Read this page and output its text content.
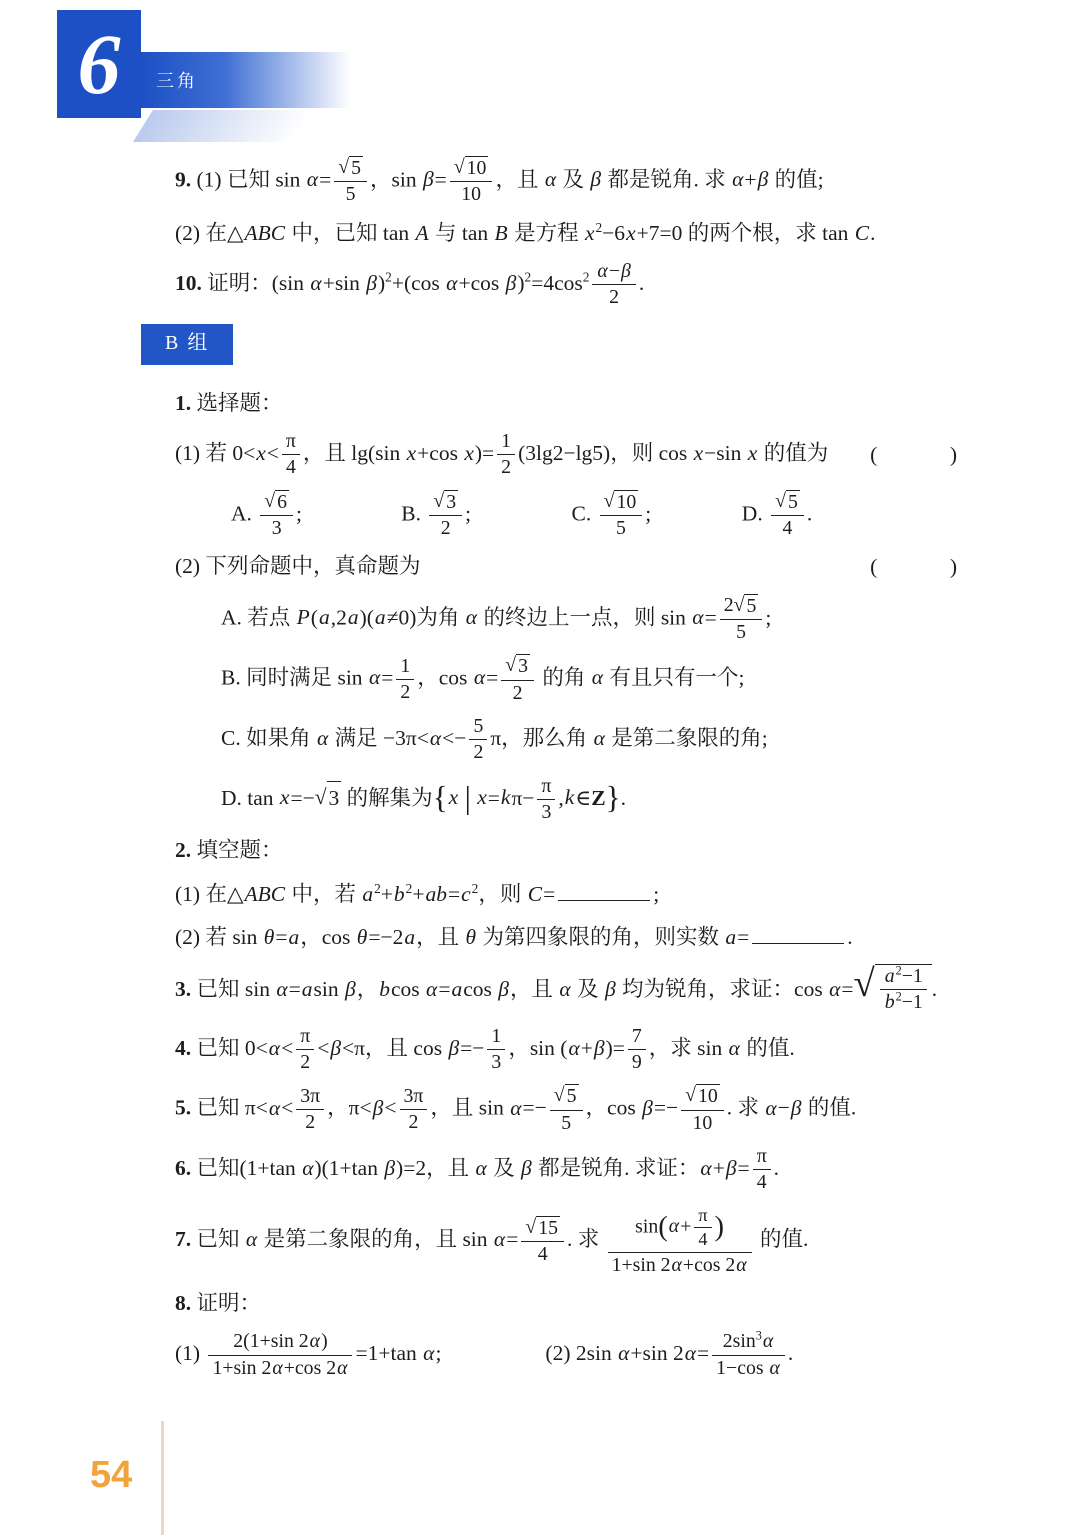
三角
6
9. (1) 已知 sin α= √ $\frac{5}{5}$ ，sin β= √ $\frac{10}{10}$ ，且 α 及 β 都是锐角. 求 α+β 的值;
(2) 在△ABC 中，已知 tan A 与 tan B 是方程 $x^2-6x+7=0$ 的两个根，求 tan C.
10. 证明：(sin α+sin β)$^2$+(cos α+cos $\beta)^2=4\cos^2 \frac{\alpha-\beta}{2}$ .
B 组
1. 选择题：
(1) 若 $0<x< \frac{\pi}{4}$ ，且 lg(sin x+cos $x)= \frac{1}{2} (3\lg 2-\lg 5)$，则 cos x−sin x 的值为 (　　　)
A. √ $\frac{6}{3}$ ;	B. √ $\frac{3}{2}$ ;	C. √ $\frac{10}{5}$ ;	D. √ $\frac{5}{4}$ .
(2) 下列命题中，真命题为	(　　　)
A. 若点 P(a,2a)(a≠0)为角 α 的终边上一点，则 $\sin \alpha= \frac{2 √ 5}{5}$ ;
B. 同时满足 $\sin \alpha= \frac{1}{2}$ ，cos α= √ $\frac{3}{2}$ 的角 α 有且只有一个;
C. 如果角 α 满足 $-3\pi<\alpha<- \frac{5}{2}$ π，那么角 α 是第二象限的角;
D. tan x=− √ 3 的解集为{x | $x=k\pi- \frac{\pi}{3}$ ,k∈Z}.
2. 填空题：
(1) 在△ABC 中，若 $a^2+b^2+ab=c^2$，则 C=	;
(2) 若 sin θ=a，cos θ=−2a，且 θ 为第四象限的角，则实数 a=	.
3. 已知 sin α=asin β，bcos α=acos β，且 α 及 β 均为锐角，求证：cos α= √ $\frac{a^2-1}{b^2-1}$ .
4. 已知 $0<\alpha< \frac{\pi}{2} <\beta<\pi$，且 $\cos \beta=- \frac{1}{3}$ ，$\sin (\alpha+\beta)= \frac{7}{9}$ ，求 sin α 的值.
5. 已知 $\pi<\alpha< \frac{3\pi}{2}$ ，$\pi<\beta< \frac{3\pi}{2}$ ，且 sin α=− √ $\frac{5}{5}$ ，cos β=− √ $\frac{10}{10}$ . 求 α−β 的值.
6. 已知(1+tan α)(1+tan β)=2，且 α 及 β 都是锐角. 求证：$\alpha+\beta= \frac{\pi}{4}$ .
7. 已知 α 是第二象限的角，且 sin α= √ $\frac{15}{4}$ . 求 $\frac{\sin(\alpha+ \frac{\pi}{4} )}{1+\sin 2\alpha+\cos 2\alpha}$ 的值.
8. 证明：
$(1) \frac{2(1+\sin 2\alpha)}{1+\sin 2\alpha+\cos 2\alpha} =1+\tan$ α;	(2) 2sin α+sin $2\alpha= \frac{2\sin^3\alpha}{\text{1−cos α}}$ .
54
